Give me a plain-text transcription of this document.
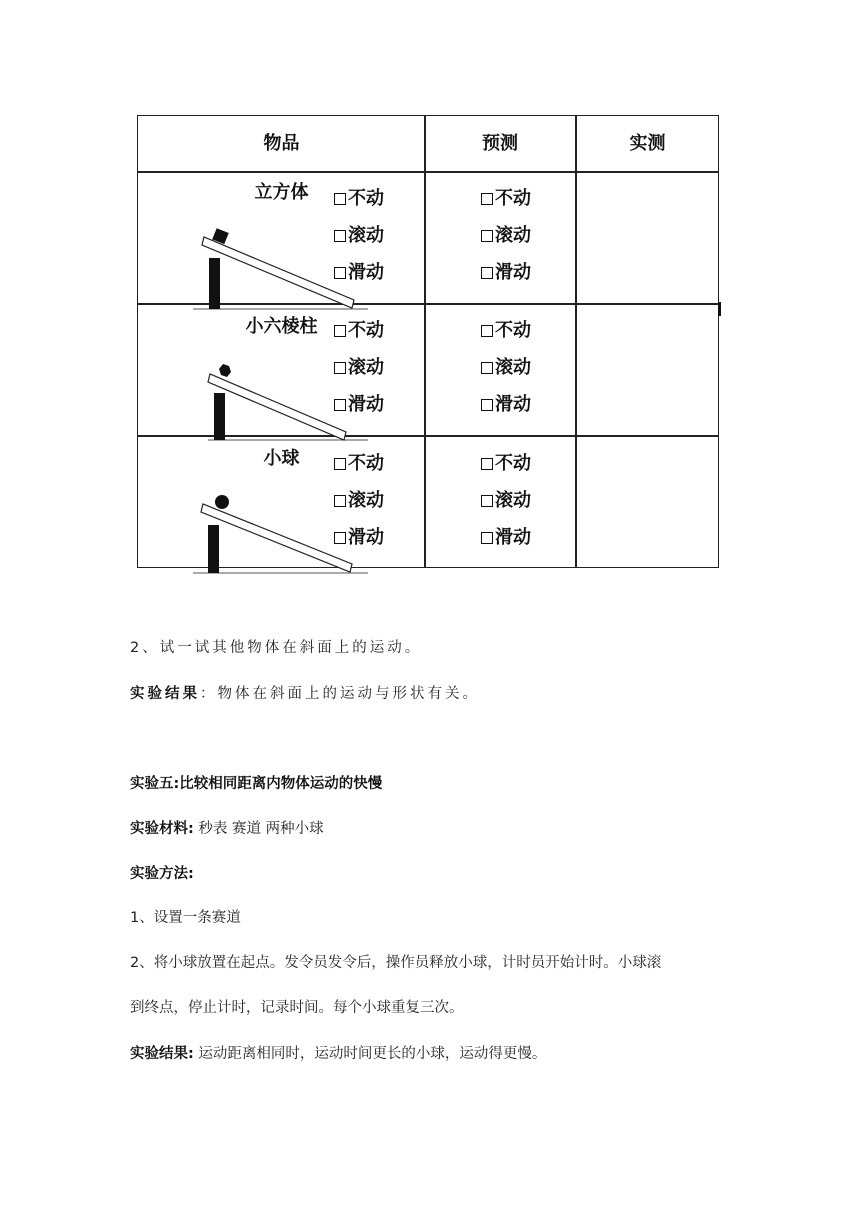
物品	预测	实测
立方体
小六棱柱
小球
不动
滚动
滑动
不动
滚动
滑动
不动
滚动
滑动
不动
滚动
滑动
不动
滚动
滑动
不动
滚动
滑动
2、试一试其他物体在斜面上的运动。
实验结果：物体在斜面上的运动与形状有关。
实验五:比较相同距离内物体运动的快慢
实验材料: 秒表 赛道 两种小球
实验方法:
1、设置一条赛道
2、将小球放置在起点。发令员发令后，操作员释放小球，计时员开始计时。小球滚
到终点，停止计时，记录时间。每个小球重复三次。
实验结果: 运动距离相同时，运动时间更长的小球，运动得更慢。
